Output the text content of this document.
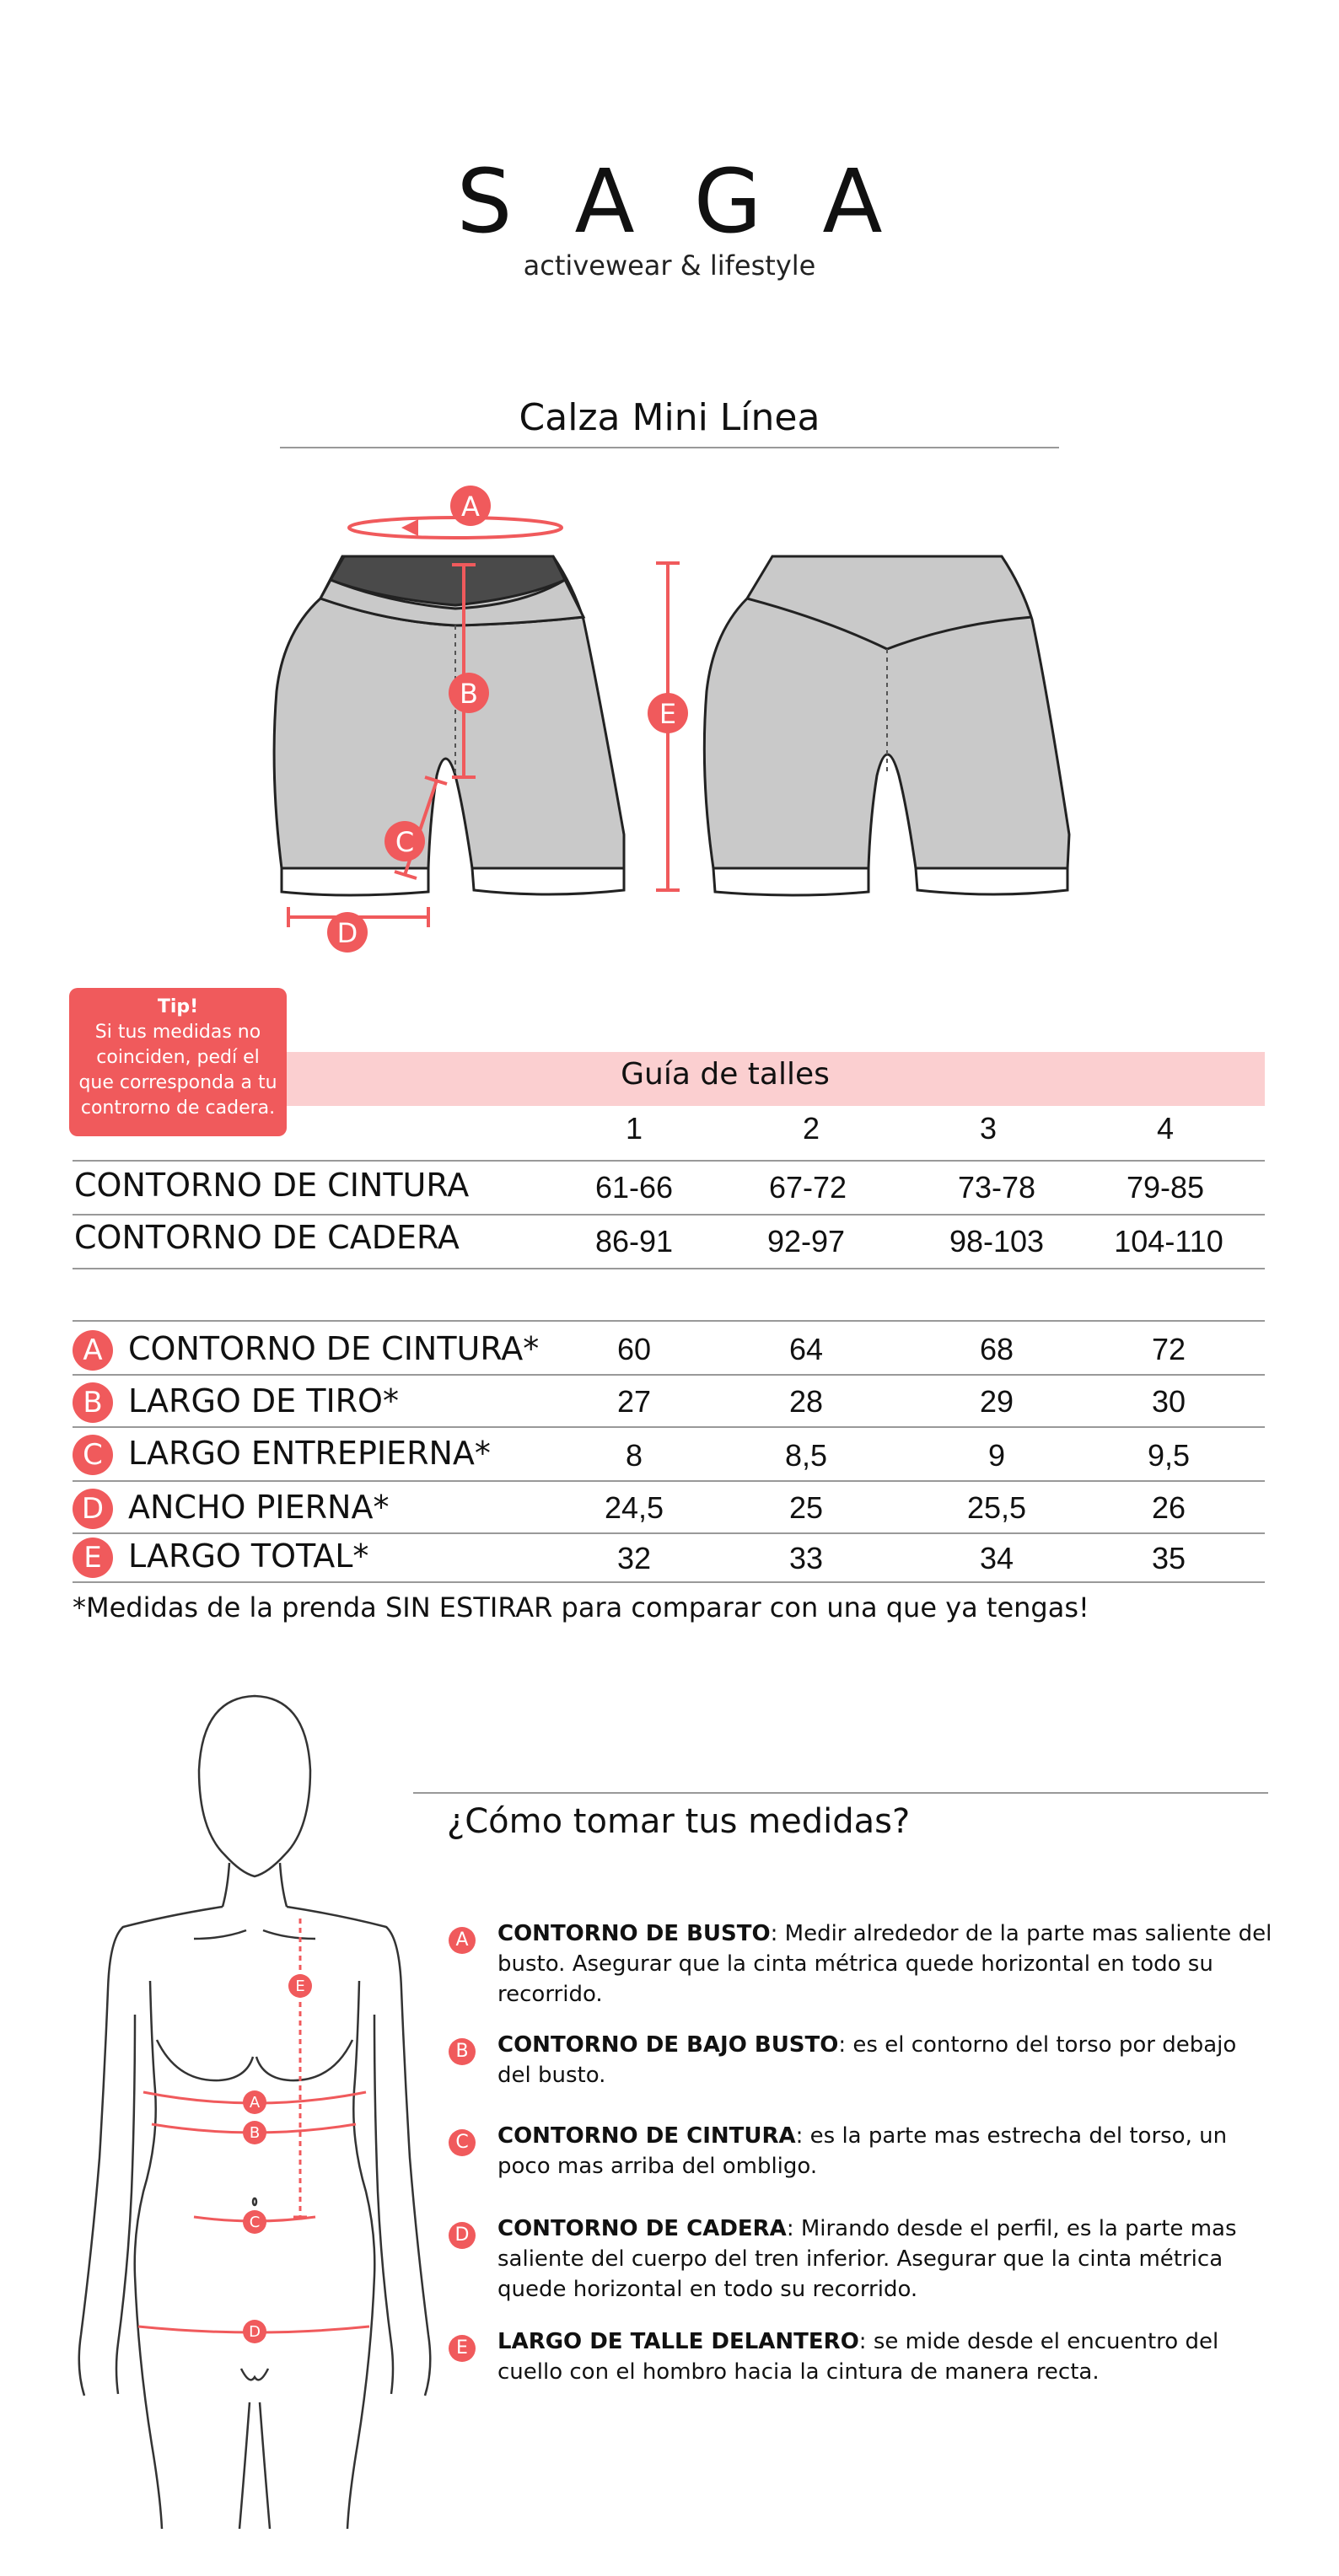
SAGA
activewear & lifestyle
Calza Mini Línea
A
B
C
D
E
Tip!
Si tus medidas no coinciden, pedí el que corresponda a tu controrno de cadera.
Guía de talles
1	2	3	4
CONTORNO DE CINTURA	61-66	67-72	73-78	79-85
CONTORNO DE CADERA	86-91	92-97	98-103	104-110
A CONTORNO DE CINTURA*	60	64	68	72
B LARGO DE TIRO*	27	28	29	30
C LARGO ENTREPIERNA*	8	8,5	9	9,5
D ANCHO PIERNA*	24,5	25	25,5	26
E LARGO TOTAL*	32	33	34	35
*Medidas de la prenda SIN ESTIRAR para comparar con una que ya tengas!
A
B
C
D
E
¿Cómo tomar tus medidas?
A	CONTORNO DE BUSTO: Medir alrededor de la parte mas saliente del busto. Asegurar que la cinta métrica quede horizontal en todo su recorrido.
B	CONTORNO DE BAJO BUSTO: es el contorno del torso por debajo del busto.
C	CONTORNO DE CINTURA: es la parte mas estrecha del torso, un poco mas arriba del ombligo.
D CONTORNO DE CADERA: Mirando desde el perfil, es la parte mas saliente del cuerpo del tren inferior. Asegurar que la cinta métrica quede horizontal en todo su recorrido.
E	LARGO DE TALLE DELANTERO: se mide desde el encuentro del cuello con el hombro hacia la cintura de manera recta.
